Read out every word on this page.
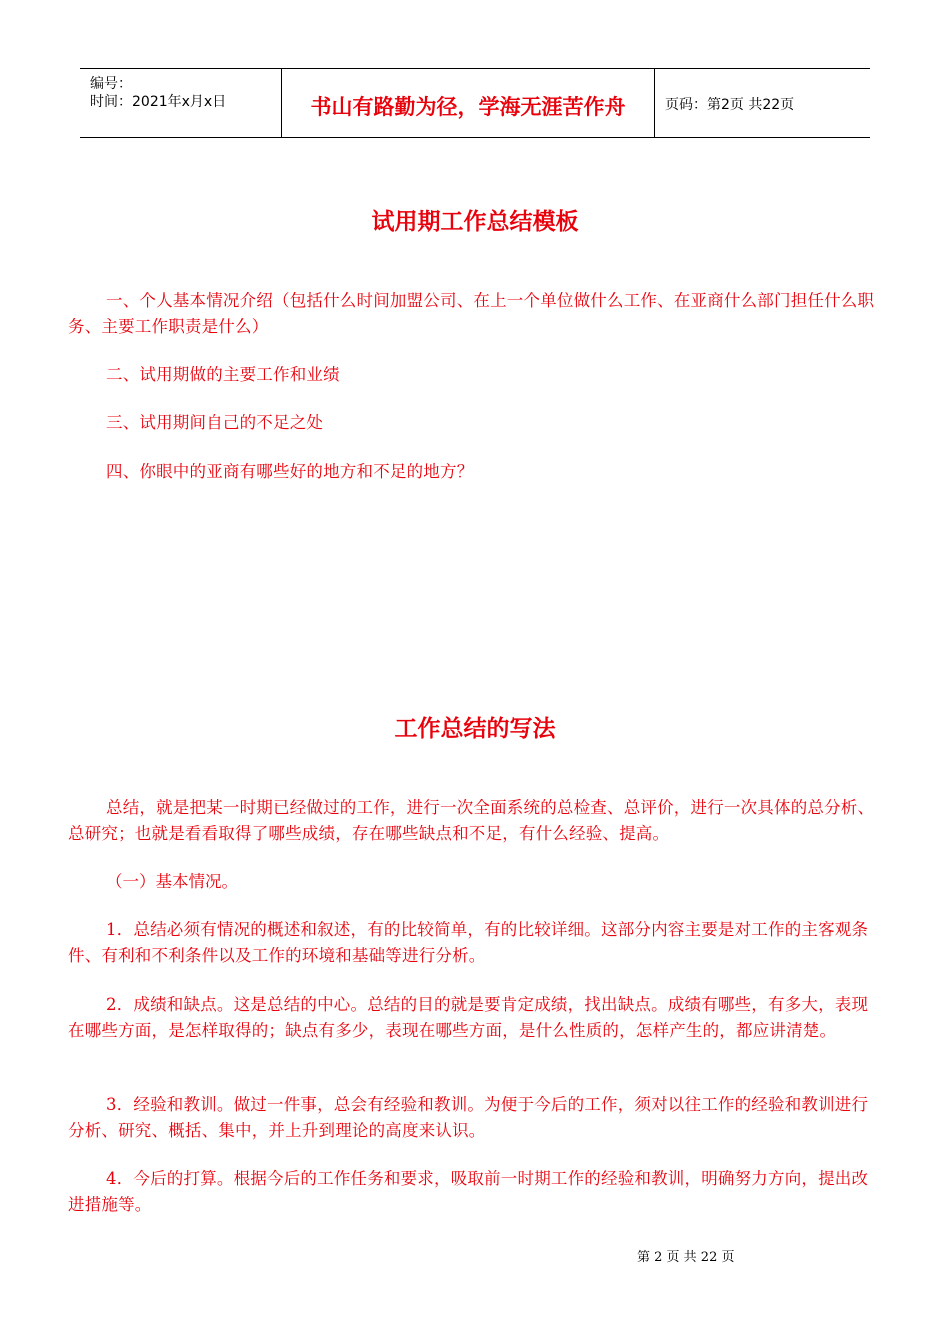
编号：
时间：2021年x月x日	书山有路勤为径，学海无涯苦作舟	页码：第2页 共22页
试用期工作总结模板
一、个人基本情况介绍（包括什么时间加盟公司、在上一个单位做什么工作、在亚商什么部门担任什么职务、主要工作职责是什么）
二、试用期做的主要工作和业绩
三、试用期间自己的不足之处
四、你眼中的亚商有哪些好的地方和不足的地方？
工作总结的写法
总结，就是把某一时期已经做过的工作，进行一次全面系统的总检查、总评价，进行一次具体的总分析、总研究；也就是看看取得了哪些成绩，存在哪些缺点和不足，有什么经验、提高。
（一）基本情况。
1．总结必须有情况的概述和叙述，有的比较简单，有的比较详细。这部分内容主要是对工作的主客观条件、有利和不利条件以及工作的环境和基础等进行分析。
2．成绩和缺点。这是总结的中心。总结的目的就是要肯定成绩，找出缺点。成绩有哪些，有多大，表现在哪些方面，是怎样取得的；缺点有多少，表现在哪些方面，是什么性质的，怎样产生的，都应讲清楚。
3．经验和教训。做过一件事，总会有经验和教训。为便于今后的工作，须对以往工作的经验和教训进行分析、研究、概括、集中，并上升到理论的高度来认识。
4．今后的打算。根据今后的工作任务和要求，吸取前一时期工作的经验和教训，明确努力方向，提出改进措施等。
第 2 页 共 22 页
